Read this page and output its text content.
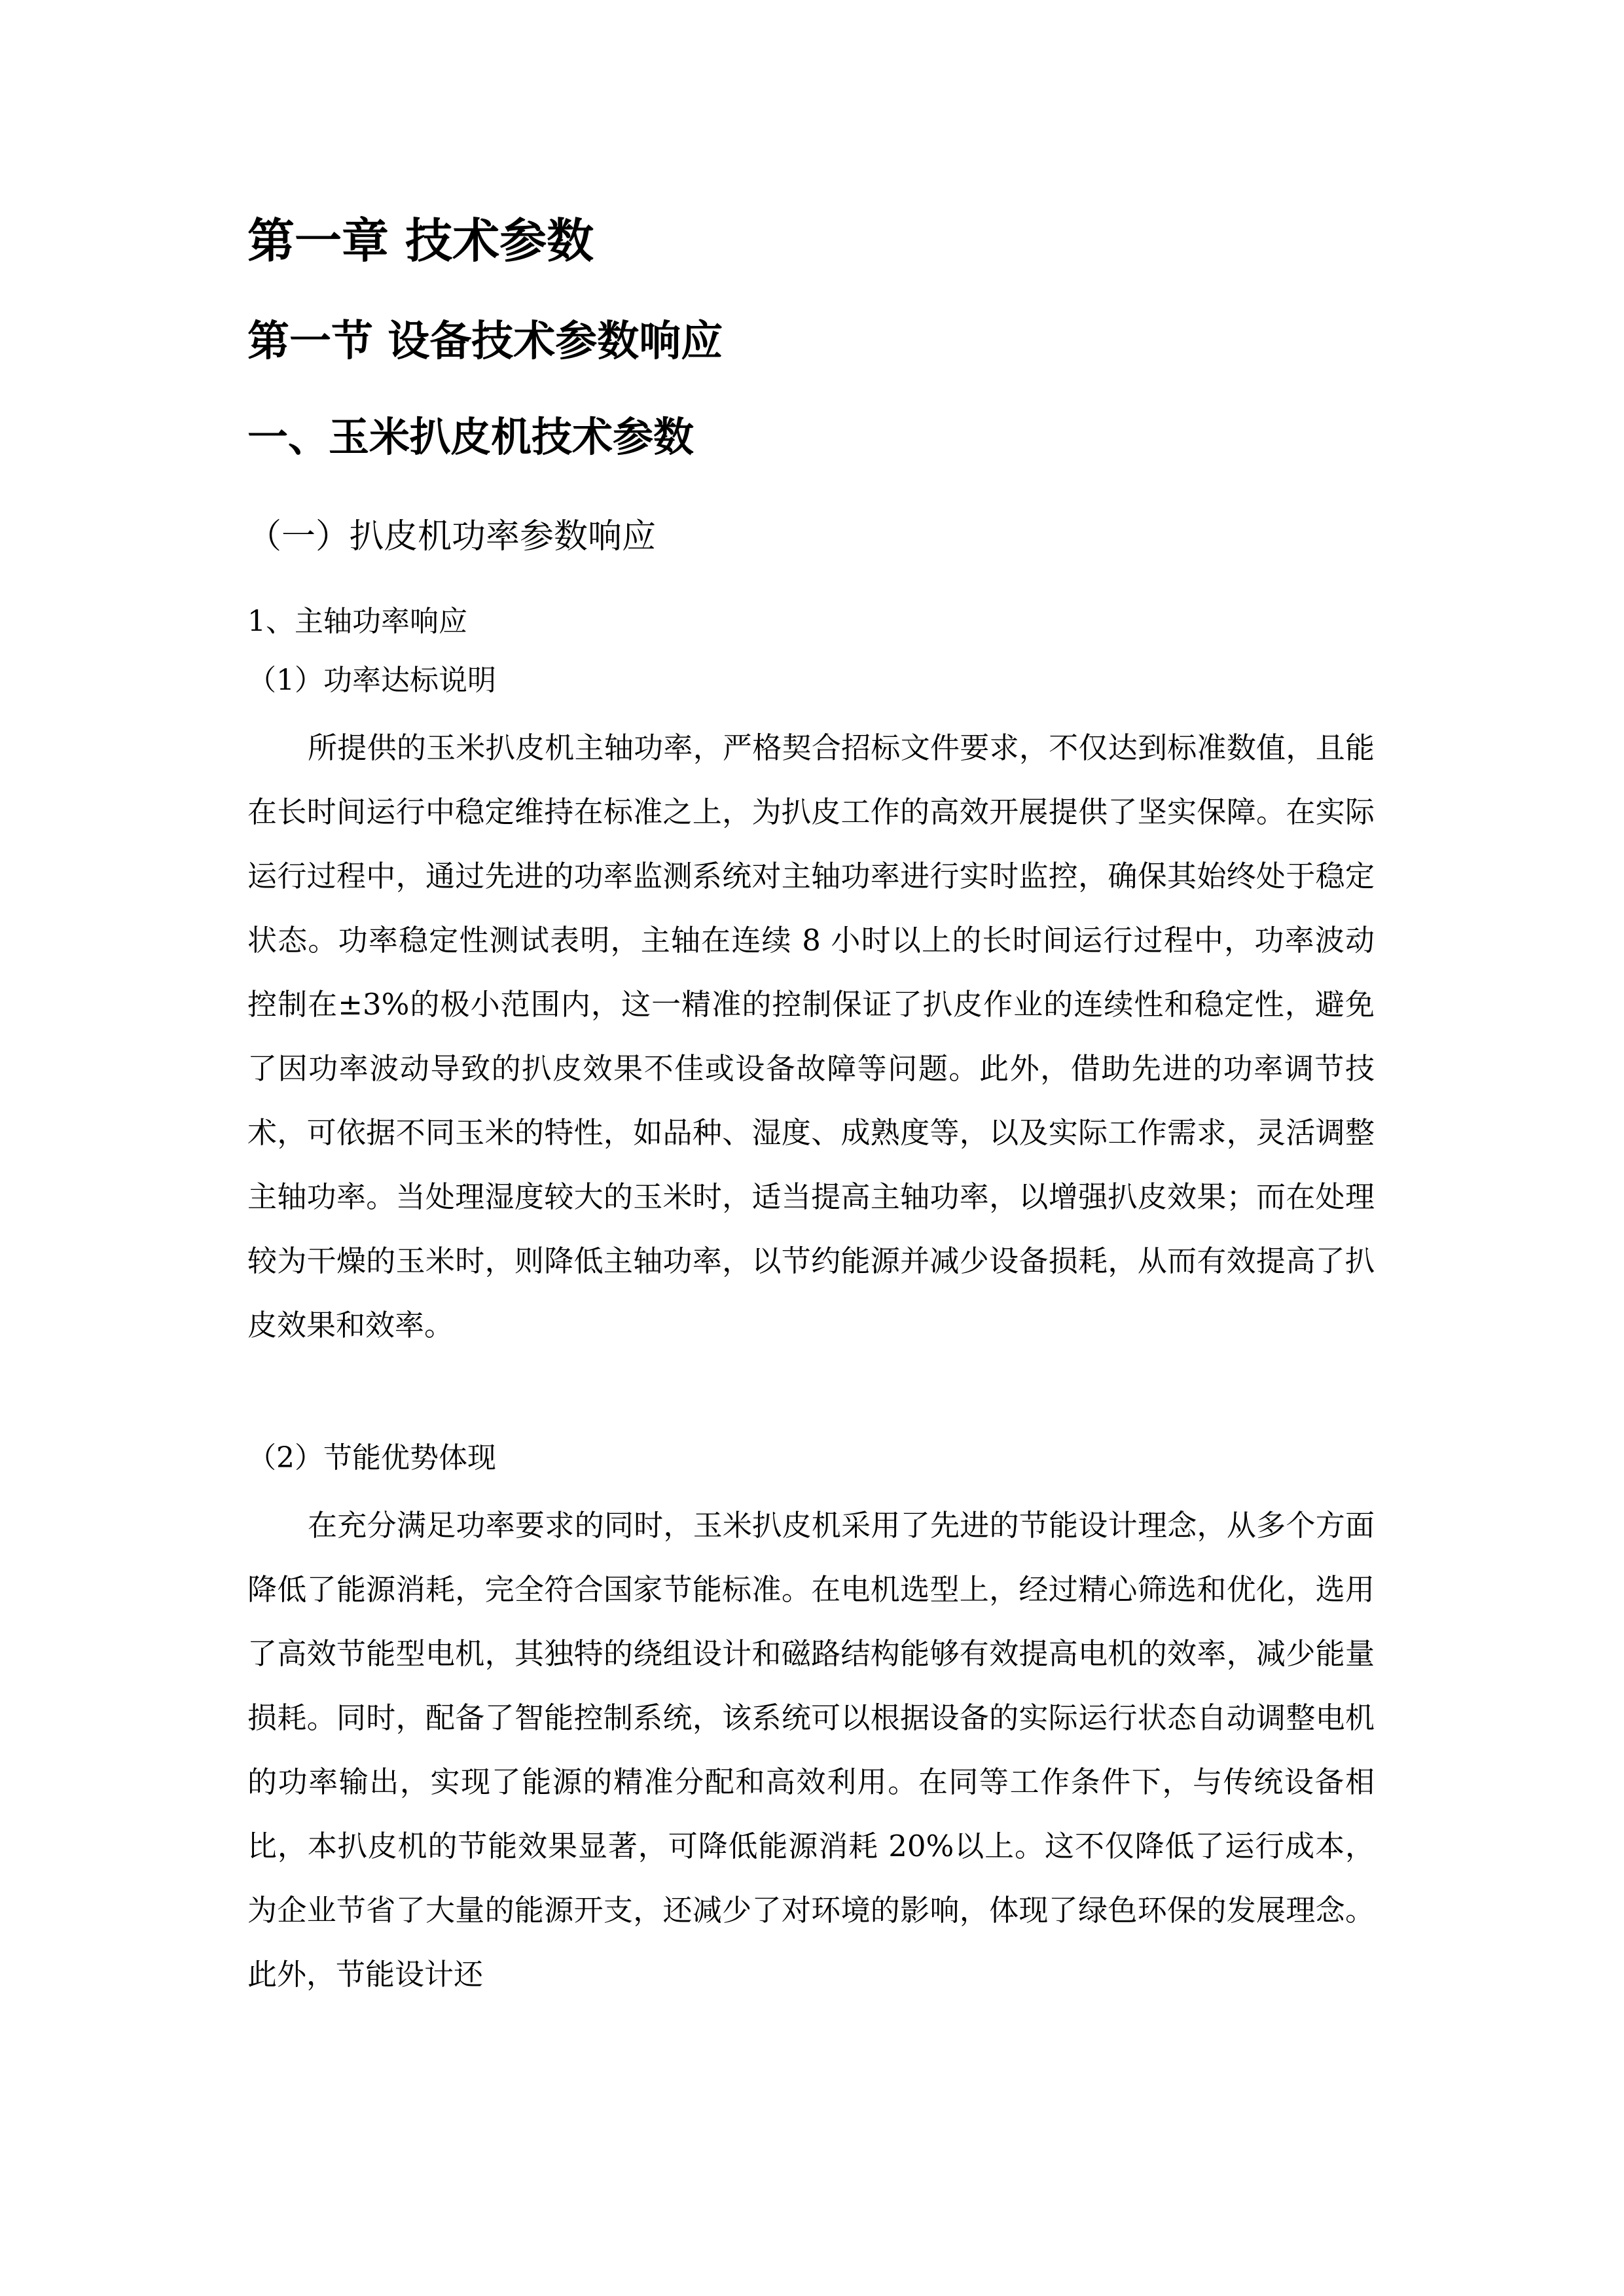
第一章 技术参数
第一节 设备技术参数响应
一、玉米扒皮机技术参数
（一）扒皮机功率参数响应
1、主轴功率响应
（1）功率达标说明

所提供的玉米扒皮机主轴功率，严格契合招标文件要求，不仅达到标准数值，且能在长时间运行中稳定维持在标准之上，为扒皮工作的高效开展提供了坚实保障。在实际运行过程中，通过先进的功率监测系统对主轴功率进行实时监控，确保其始终处于稳定状态。功率稳定性测试表明，主轴在连续 8 小时以上的长时间运行过程中，功率波动控制在±3%的极小范围内，这一精准的控制保证了扒皮作业的连续性和稳定性，避免了因功率波动导致的扒皮效果不佳或设备故障等问题。此外，借助先进的功率调节技术，可依据不同玉米的特性，如品种、湿度、成熟度等，以及实际工作需求，灵活调整主轴功率。当处理湿度较大的玉米时，适当提高主轴功率，以增强扒皮效果；而在处理较为干燥的玉米时，则降低主轴功率，以节约能源并减少设备损耗，从而有效提高了扒皮效果和效率。

（2）节能优势体现

在充分满足功率要求的同时，玉米扒皮机采用了先进的节能设计理念，从多个方面降低了能源消耗，完全符合国家节能标准。在电机选型上，经过精心筛选和优化，选用了高效节能型电机，其独特的绕组设计和磁路结构能够有效提高电机的效率，减少能量损耗。同时，配备了智能控制系统，该系统可以根据设备的实际运行状态自动调整电机的功率输出，实现了能源的精准分配和高效利用。在同等工作条件下，与传统设备相比，本扒皮机的节能效果显著，可降低能源消耗 20%以上。这不仅降低了运行成本，为企业节省了大量的能源开支，还减少了对环境的影响，体现了绿色环保的发展理念。此外，节能设计还
